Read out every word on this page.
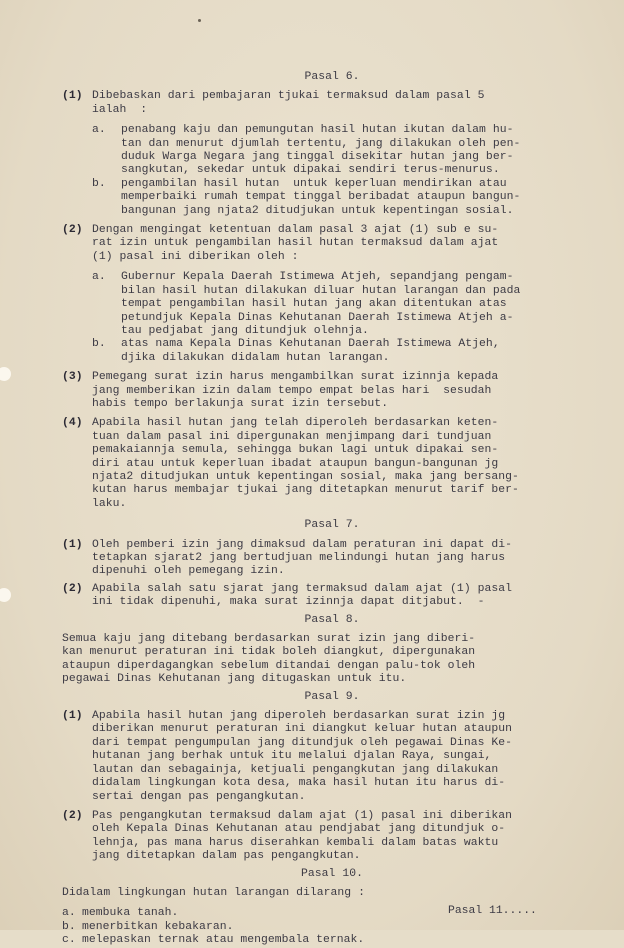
Pasal 6.
(1) Dibebaskan dari pembajaran tjukai termaksud dalam pasal 5
ialah  :
a. penabang kaju dan pemungutan hasil hutan ikutan dalam hu-
tan dan menurut djumlah tertentu, jang dilakukan oleh pen-
duduk Warga Negara jang tinggal disekitar hutan jang ber-
sangkutan, sekedar untuk dipakai sendiri terus-menurus.
b. pengambilan hasil hutan  untuk keperluan mendirikan atau
memperbaiki rumah tempat tinggal beribadat ataupun bangun-
bangunan jang njata2 ditudjukan untuk kepentingan sosial.
(2) Dengan mengingat ketentuan dalam pasal 3 ajat (1) sub e su-
rat izin untuk pengambilan hasil hutan termaksud dalam ajat
(1) pasal ini diberikan oleh :
a. Gubernur Kepala Daerah Istimewa Atjeh, sepandjang pengam-
bilan hasil hutan dilakukan diluar hutan larangan dan pada
tempat pengambilan hasil hutan jang akan ditentukan atas
petundjuk Kepala Dinas Kehutanan Daerah Istimewa Atjeh a-
tau pedjabat jang ditundjuk olehnja.
b. atas nama Kepala Dinas Kehutanan Daerah Istimewa Atjeh,
djika dilakukan didalam hutan larangan.
(3) Pemegang surat izin harus mengambilkan surat izinnja kepada
jang memberikan izin dalam tempo empat belas hari  sesudah
habis tempo berlakunja surat izin tersebut.
(4) Apabila hasil hutan jang telah diperoleh berdasarkan keten-
tuan dalam pasal ini dipergunakan menjimpang dari tundjuan
pemakaiannja semula, sehingga bukan lagi untuk dipakai sen-
diri atau untuk keperluan ibadat ataupun bangun-bangunan jg
njata2 ditudjukan untuk kepentingan sosial, maka jang bersang-
kutan harus membajar tjukai jang ditetapkan menurut tarif ber-
laku.
Pasal 7.
(1) Oleh pemberi izin jang dimaksud dalam peraturan ini dapat di-
tetapkan sjarat2 jang bertudjuan melindungi hutan jang harus
dipenuhi oleh pemegang izin.
(2) Apabila salah satu sjarat jang termaksud dalam ajat (1) pasal
ini tidak dipenuhi, maka surat izinnja dapat ditjabut.  -
Pasal 8.
Semua kaju jang ditebang berdasarkan surat izin jang diberi-
kan menurut peraturan ini tidak boleh diangkut, dipergunakan
ataupun diperdagangkan sebelum ditandai dengan palu-tok oleh
pegawai Dinas Kehutanan jang ditugaskan untuk itu.
Pasal 9.
(1) Apabila hasil hutan jang diperoleh berdasarkan surat izin jg
diberikan menurut peraturan ini diangkut keluar hutan ataupun
dari tempat pengumpulan jang ditundjuk oleh pegawai Dinas Ke-
hutanan jang berhak untuk itu melalui djalan Raya, sungai,
lautan dan sebagainja, ketjuali pengangkutan jang dilakukan
didalam lingkungan kota desa, maka hasil hutan itu harus di-
sertai dengan pas pengangkutan.
(2) Pas pengangkutan termaksud dalam ajat (1) pasal ini diberikan
oleh Kepala Dinas Kehutanan atau pendjabat jang ditundjuk o-
lehnja, pas mana harus diserahkan kembali dalam batas waktu
jang ditetapkan dalam pas pengangkutan.
Pasal 10.
Didalam lingkungan hutan larangan dilarang :
a. membuka tanah.
b. menerbitkan kebakaran.
c. melepaskan ternak atau mengembala ternak.
Pasal 11.....
